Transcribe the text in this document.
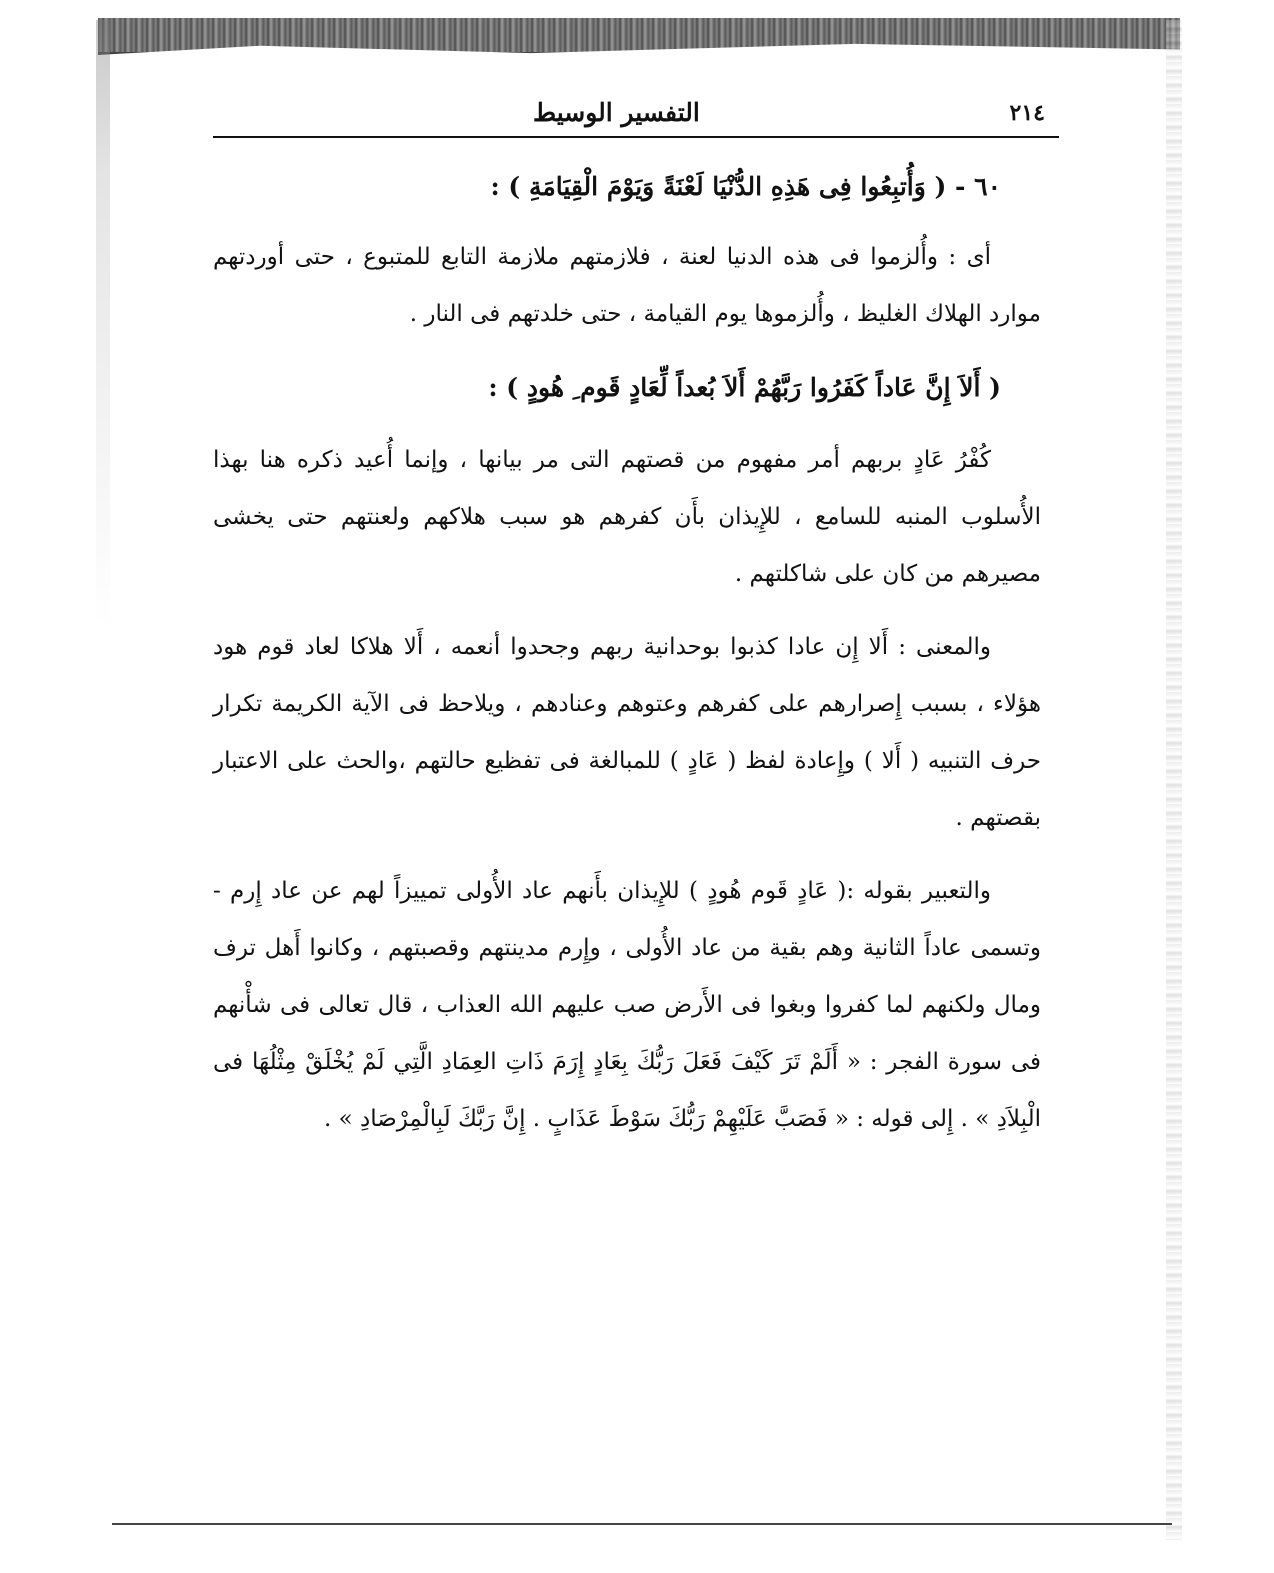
٢١٤
التفسير الوسيط

٦٠ - ( وَأُتبِعُوا فِى هَذِهِ الدُّنْيَا لَعْنَةً وَيَوْمَ الْقِيَامَةِ ) :

أى : وأُلزموا فى هذه الدنيا لعنة ، فلازمتهم ملازمة التابع للمتبوع ، حتى أوردتهم موارد الهلاك الغليظ ، وأُلزموها يوم القيامة ، حتى خلدتهم فى النار .

( أَلاَ إِنَّ عَاداً كَفَرُوا رَبَّهُمْ أَلاَ بُعداً لِّعَادٍ قَوم ِ هُودٍ ) :

كُفْرُ عَادٍ بربهم أمر مفهوم من قصتهم التى مر بيانها ، وإنما أُعيد ذكره هنا بهذا الأُسلوب المنبه للسامع ، للإِيذان بأَن كفرهم هو سبب هلاكهم ولعنتهم حتى يخشى مصيرهم من كان على شاكلتهم .

والمعنى : أَلا إِن عادا كذبوا بوحدانية ربهم وجحدوا أنعمه ، أَلا هلاكا لعاد قوم هود هؤلاء ، بسبب إِصرارهم على كفرهم وعتوهم وعنادهم ، ويلاحظ فى الآية الكريمة تكرار حرف التنبيه ( أَلا ) وإِعادة لفظ ( عَادٍ ) للمبالغة فى تفظيع حالتهم ،والحث على الاعتبار بقصتهم .

والتعبير بقوله :( عَادٍ قَوم هُودٍ ) للإِيذان بأَنهم عاد الأُولى تمييزاً لهم عن عاد إِرم - وتسمى عاداً الثانية وهم بقية من عاد الأُولى ، وإِرم مدينتهم وقصبتهم ، وكانوا أَهل ترف ومال ولكنهم لما كفروا وبغوا فى الأَرض صب عليهم الله العذاب ، قال تعالى فى شأْنهم فى سورة الفجر : « أَلَمْ تَرَ كَيْفَ فَعَلَ رَبُّكَ بِعَادٍ إِرَمَ ذَاتِ العِمَادِ الَّتِي لَمْ يُخْلَقْ مِثْلُهَا فى الْبِلاَدِ » . إِلى قوله : « فَصَبَّ عَلَيْهِمْ رَبُّكَ سَوْطَ عَذَابٍ . إِنَّ رَبَّكَ لَبِالْمِرْصَادِ » .
